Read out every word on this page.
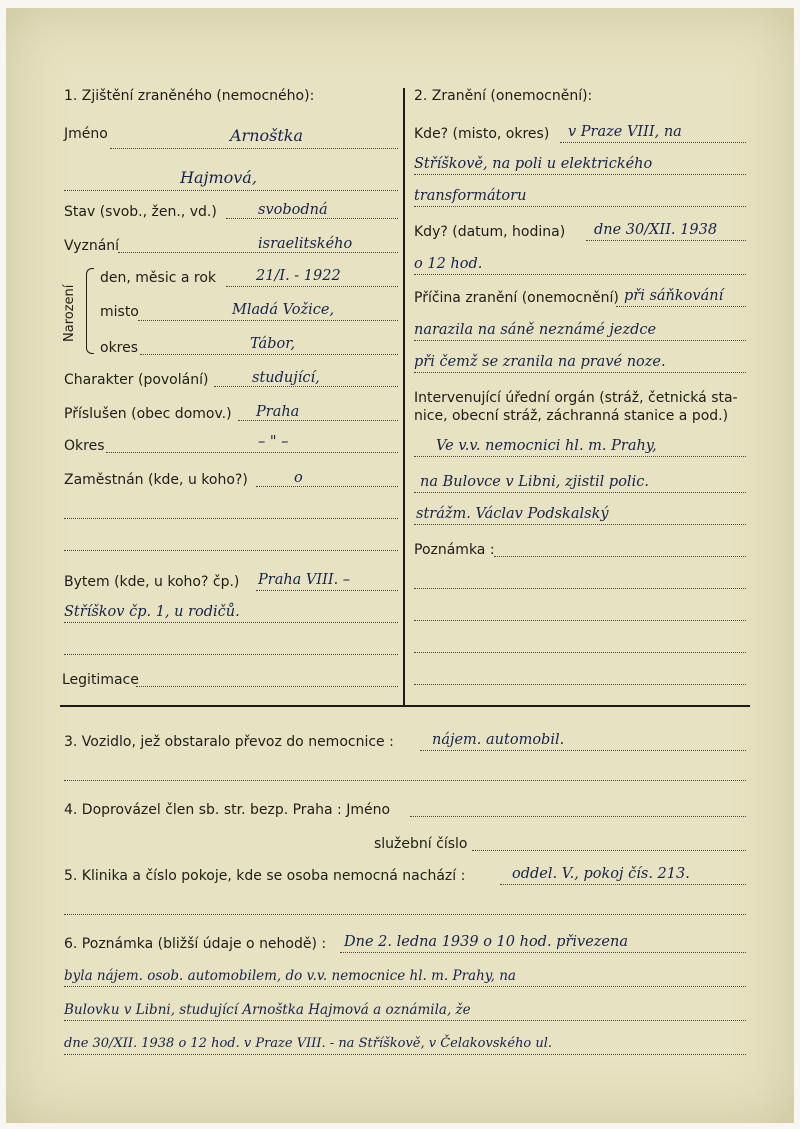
1. Zjištění zraněného (nemocného):
Jméno	Arnoštka
Hajmová,
Stav (svob., žen., vd.)	svobodná
Vyznání	israelitského
Narození
den, měsic a rok	21/I. - 1922
misto	Mladá Vožice,
okres	Tábor,
Charakter (povolání)	studující,
Příslušen (obec domov.) Praha
Okres	– " –
Zaměstnán (kde, u koho?)	o
Bytem (kde, u koho? čp.) Praha VIII. –
Stříškov čp. 1, u rodičů.
Legitimace
2. Zranění (onemocnění):
Kde? (misto, okres) v Praze VIII, na
Stříškově, na poli u elektrického
transformátoru
Kdy? (datum, hodina) dne 30/XII. 1938
o 12 hod.
Příčina zranění (onemocnění) při sáňkování
narazila na sáně neznámé jezdce
při čemž se zranila na pravé noze.
Intervenující úřední orgán (stráž, četnická sta-
nice, obecní stráž, záchranná stanice a pod.)
Ve v.v. nemocnici hl. m. Prahy,
na Bulovce v Libni, zjistil polic.
strážm. Václav Podskalský
Poznámka :
3. Vozidlo, jež obstaralo převoz do nemocnice :	nájem. automobil.
4. Doprovázel člen sb. str. bezp. Praha : Jméno
služební číslo
5. Klinika a číslo pokoje, kde se osoba nemocná nachází :	oddel. V., pokoj čís. 213.
6. Poznámka (bližší údaje o nehodě) : Dne 2. ledna 1939 o 10 hod. přivezena
byla nájem. osob. automobilem, do v.v. nemocnice hl. m. Prahy, na
Bulovku v Libni, studující Arnoštka Hajmová a oznámila, že
dne 30/XII. 1938 o 12 hod. v Praze VIII. - na Stříškově, v Čelakovského ul.
